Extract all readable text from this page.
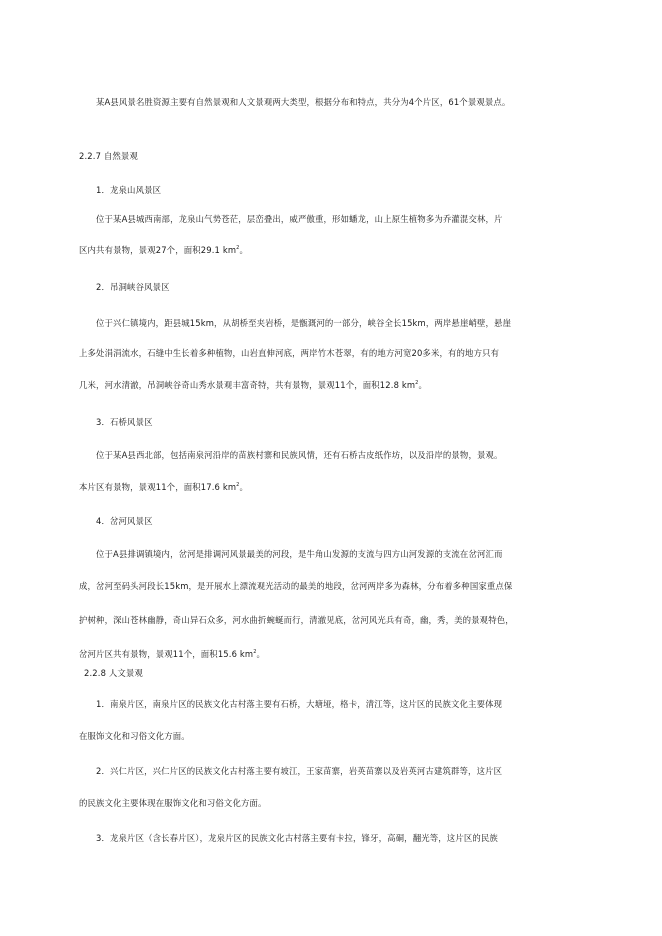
某A县风景名胜资源主要有自然景观和人文景观两大类型，根据分布和特点，共分为4个片区，61个景观景点。
2.2.7 自然景观
1．龙泉山风景区
位于某A县城西南部，龙泉山气势苍茫，层峦叠出，威严傲重，形如蟠龙，山上原生植物多为乔灌混交林，片
区内共有景物，景观27个，面积29.1 $km^2$。
2．吊洞峡谷风景区
位于兴仁镇境内，距县城15km，从胡桥至夹岩桥，是甑溉河的一部分，峡谷全长15km，两岸悬崖峭壁，悬崖
上多处涓涓流水，石缝中生长着多种植物，山岩直伸河底，两岸竹木苍翠，有的地方河宽20多米，有的地方只有
几米，河水清澈，吊洞峡谷奇山秀水景观丰富奇特，共有景物，景观11个，面积12.8 $km^2$。
3．石桥风景区
位于某A县西北部，包括南泉河沿岸的苗族村寨和民族风情，还有石桥古皮纸作坊，以及沿岸的景物，景观。
本片区有景物，景观11个，面积17.6 $km^2$。
4．岔河风景区
位于A县排调镇境内，岔河是排调河风景最美的河段，是牛角山发源的支流与四方山河发源的支流在岔河汇而
成，岔河至码头河段长15km，是开展水上漂流观光活动的最美的地段，岔河两岸多为森林，分布着多种国家重点保
护树种，深山苍林幽静，奇山异石众多，河水曲折蜿蜒而行，清澈见底，岔河风光兵有奇，幽，秀，美的景观特色，
岔河片区共有景物，景观11个，面积15.6 $km^2$。
2.2.8 人文景观
1．南泉片区，南泉片区的民族文化古村落主要有石桥，大塘垭，格卡，清江等，这片区的民族文化主要体现
在服饰文化和习俗文化方面。
2．兴仁片区，兴仁片区的民族文化古村落主要有坡江，王家苗寨，岩英苗寨以及岩英河古建筑群等，这片区
的民族文化主要体现在服饰文化和习俗文化方面。
3．龙泉片区（含长春片区），龙泉片区的民族文化古村落主要有卡拉，锋牙，高硐，翻光等，这片区的民族
